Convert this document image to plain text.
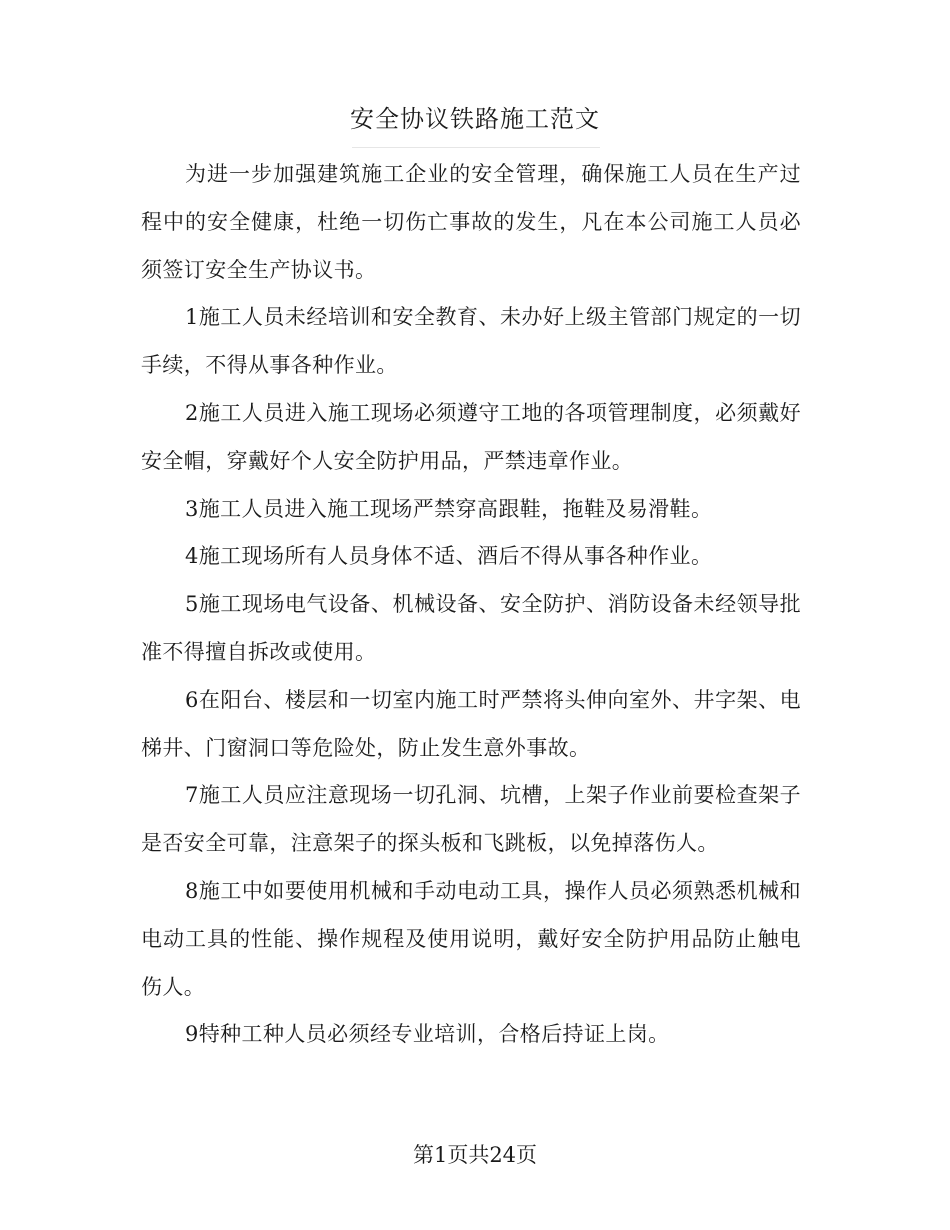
安全协议铁路施工范文

为进一步加强建筑施工企业的安全管理，确保施工人员在生产过程中的安全健康，杜绝一切伤亡事故的发生，凡在本公司施工人员必须签订安全生产协议书。

1施工人员未经培训和安全教育、未办好上级主管部门规定的一切手续，不得从事各种作业。

2施工人员进入施工现场必须遵守工地的各项管理制度，必须戴好安全帽，穿戴好个人安全防护用品，严禁违章作业。

3施工人员进入施工现场严禁穿高跟鞋，拖鞋及易滑鞋。

4施工现场所有人员身体不适、酒后不得从事各种作业。

5施工现场电气设备、机械设备、安全防护、消防设备未经领导批准不得擅自拆改或使用。

6在阳台、楼层和一切室内施工时严禁将头伸向室外、井字架、电梯井、门窗洞口等危险处，防止发生意外事故。

7施工人员应注意现场一切孔洞、坑槽，上架子作业前要检查架子是否安全可靠，注意架子的探头板和飞跳板，以免掉落伤人。

8施工中如要使用机械和手动电动工具，操作人员必须熟悉机械和电动工具的性能、操作规程及使用说明，戴好安全防护用品防止触电伤人。

9特种工种人员必须经专业培训，合格后持证上岗。

第1页共24页
